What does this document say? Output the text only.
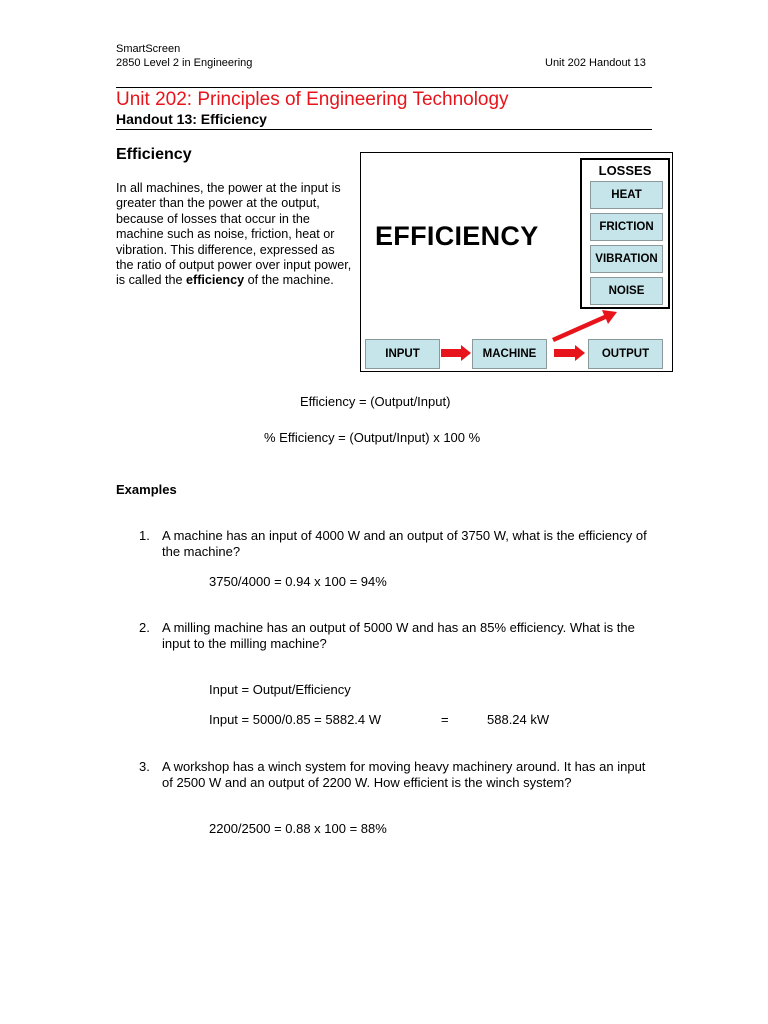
SmartScreen
2850 Level 2 in Engineering	Unit 202 Handout 13
Unit 202: Principles of Engineering Technology
Handout 13: Efficiency
Efficiency
In all machines, the power at the input is greater than the power at the output, because of losses that occur in the machine such as noise, friction, heat or vibration. This difference, expressed as the ratio of output power over input power, is called the efficiency of the machine.
EFFICIENCY
LOSSES
HEAT
FRICTION
VIBRATION
NOISE
INPUT	MACHINE	OUTPUT
Efficiency = (Output/Input)
% Efficiency = (Output/Input) x 100 %
Examples
1. A machine has an input of 4000 W and an output of 3750 W, what is the efficiency of the machine?
3750/4000 = 0.94 x 100 = 94%
2. A milling machine has an output of 5000 W and has an 85% efficiency. What is the input to the milling machine?
Input = Output/Efficiency
Input = 5000/0.85 = 5882.4 W	=	588.24 kW
3. A workshop has a winch system for moving heavy machinery around. It has an input of 2500 W and an output of 2200 W. How efficient is the winch system?
2200/2500 = 0.88 x 100 = 88%
